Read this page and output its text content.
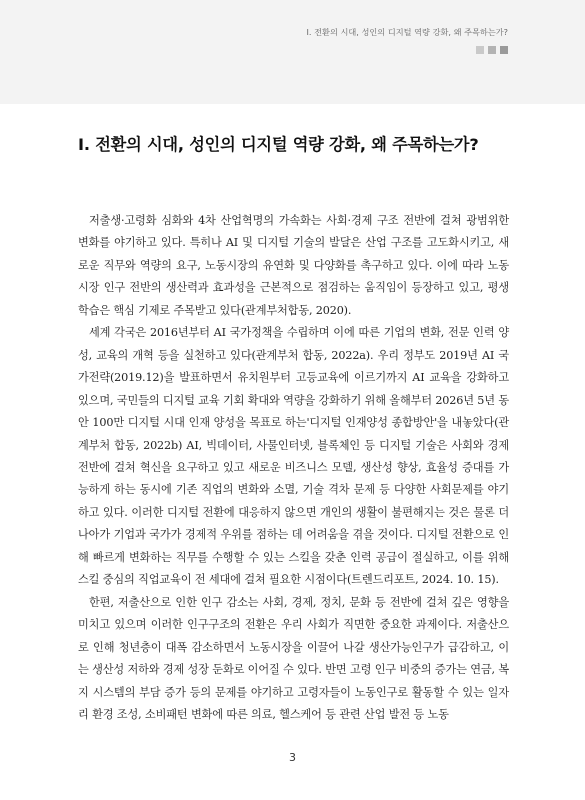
Ⅰ. 전환의 시대, 성인의 디지털 역량 강화, 왜 주목하는가?
Ⅰ. 전환의 시대, 성인의 디지털 역량 강화, 왜 주목하는가?

저출생·고령화 심화와 4차 산업혁명의 가속화는 사회·경제 구조 전반에 걸쳐 광범위한 변화를 야기하고 있다. 특히나 AI 및 디지털 기술의 발달은 산업 구조를 고도화시키고, 새로운 직무와 역량의 요구, 노동시장의 유연화 및 다양화를 촉구하고 있다. 이에 따라 노동시장 인구 전반의 생산력과 효과성을 근본적으로 점검하는 움직임이 등장하고 있고, 평생학습은 핵심 기제로 주목받고 있다(관계부처합동, 2020).

세계 각국은 2016년부터 AI 국가정책을 수립하며 이에 따른 기업의 변화, 전문 인력 양성, 교육의 개혁 등을 실천하고 있다(관계부처 합동, 2022a). 우리 정부도 2019년 AI 국가전략(2019.12)을 발표하면서 유치원부터 고등교육에 이르기까지 AI 교육을 강화하고 있으며, 국민들의 디지털 교육 기회 확대와 역량을 강화하기 위해 올해부터 2026년 5년 동안 100만 디지털 시대 인재 양성을 목표로 하는'디지털 인재양성 종합방안'을 내놓았다(관계부처 합동, 2022b) AI, 빅데이터, 사물인터넷, 블록체인 등 디지털 기술은 사회와 경제 전반에 걸쳐 혁신을 요구하고 있고 새로운 비즈니스 모델, 생산성 향상, 효율성 증대를 가능하게 하는 동시에 기존 직업의 변화와 소멸, 기술 격차 문제 등 다양한 사회문제를 야기하고 있다. 이러한 디지털 전환에 대응하지 않으면 개인의 생활이 불편해지는 것은 물론 더 나아가 기업과 국가가 경제적 우위를 점하는 데 어려움을 겪을 것이다. 디지털 전환으로 인해 빠르게 변화하는 직무를 수행할 수 있는 스킬을 갖춘 인력 공급이 절실하고, 이를 위해 스킬 중심의 직업교육이 전 세대에 걸쳐 필요한 시점이다(트렌드리포트, 2024. 10. 15).

한편, 저출산으로 인한 인구 감소는 사회, 경제, 정치, 문화 등 전반에 걸쳐 깊은 영향을 미치고 있으며 이러한 인구구조의 전환은 우리 사회가 직면한 중요한 과제이다. 저출산으로 인해 청년층이 대폭 감소하면서 노동시장을 이끌어 나갈 생산가능인구가 급감하고, 이는 생산성 저하와 경제 성장 둔화로 이어질 수 있다. 반면 고령 인구 비중의 증가는 연금, 복지 시스템의 부담 증가 등의 문제를 야기하고 고령자들이 노동인구로 활동할 수 있는 일자리 환경 조성, 소비패턴 변화에 따른 의료, 헬스케어 등 관련 산업 발전 등 노동

3
